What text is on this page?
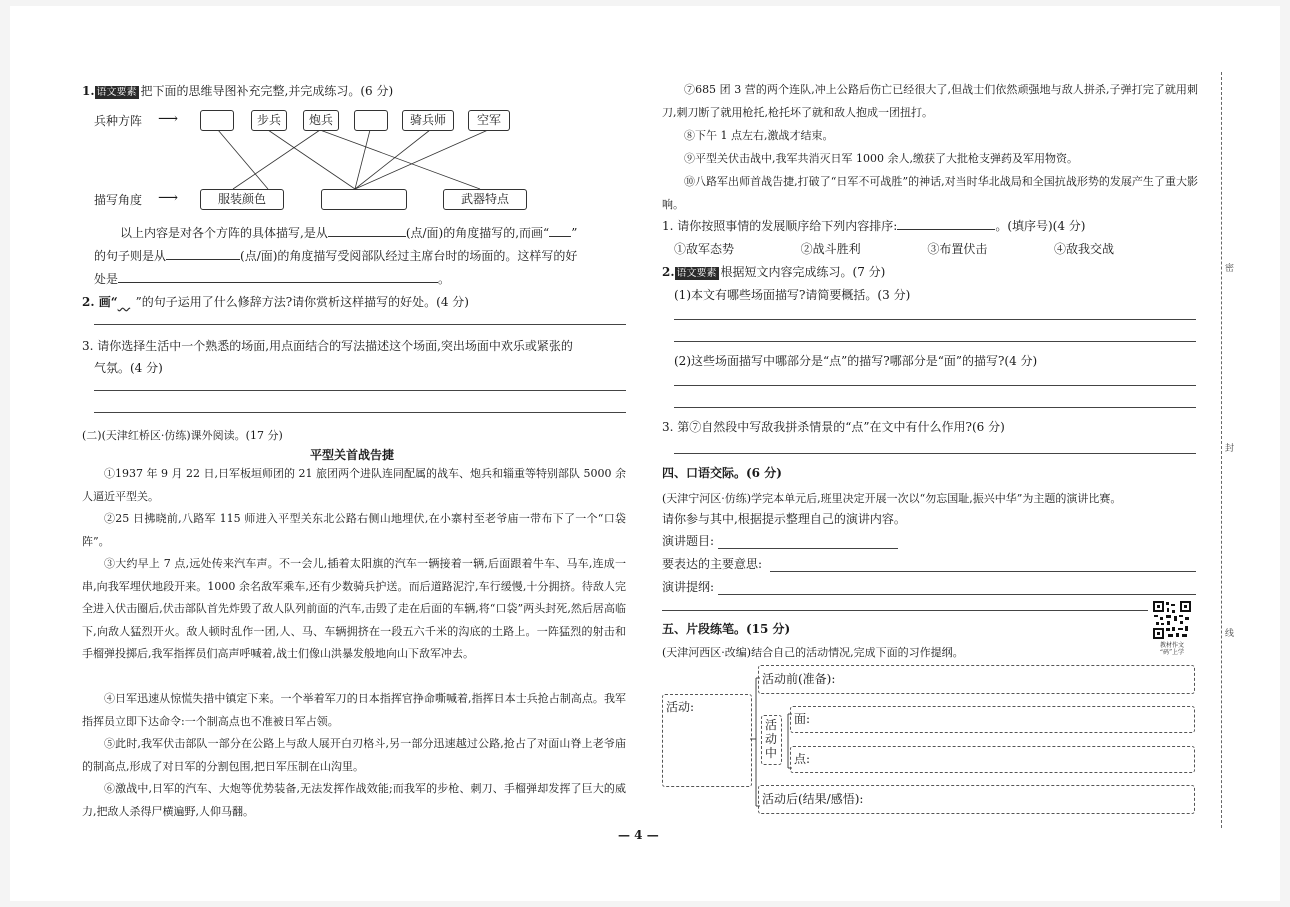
1. 语文要素 把下面的思维导图补充完整,并完成练习。(6 分)
兵种方阵 ⟶
描写角度 ⟶
步兵	炮兵	骑兵师	空军
服装颜色	武器特点
以上内容是对各个方阵的具体描写,是从	(点/面)的角度描写的,而画“ ”
的句子则是从	(点/面)的角度描写受阅部队经过主席台时的场面的。这样写的好
处是	。
2. 画“ ”的句子运用了什么修辞方法?请你赏析这样描写的好处。(4 分)
3. 请你选择生活中一个熟悉的场面,用点面结合的写法描述这个场面,突出场面中欢乐或紧张的
气氛。(4 分)
(二)(天津红桥区·仿练)课外阅读。(17 分)
平型关首战告捷
①1937 年 9 月 22 日,日军板垣师团的 21 旅团两个进队连同配属的战车、炮兵和辎重等特别部队 5000 余人逼近平型关。
②25 日拂晓前,八路军 115 师进入平型关东北公路右侧山地埋伏,在小寨村至老爷庙一带布下了一个“口袋阵”。
③大约早上 7 点,远处传来汽车声。不一会儿,插着太阳旗的汽车一辆接着一辆,后面跟着牛车、马车,连成一串,向我军埋伏地段开来。1000 余名敌军乘车,还有少数骑兵护送。而后道路泥泞,车行缓慢,十分拥挤。待敌人完全进入伏击圈后,伏击部队首先炸毁了敌人队列前面的汽车,击毁了走在后面的车辆,将“口袋”两头封死,然后居高临下,向敌人猛烈开火。敌人顿时乱作一团,人、马、车辆拥挤在一段五六千米的沟底的土路上。一阵猛烈的射击和手榴弹投掷后,我军指挥员们高声呼喊着,战士们像山洪暴发般地向山下敌军冲去。
④日军迅速从惊慌失措中镇定下来。一个举着军刀的日本指挥官挣命嘶喊着,指挥日本士兵抢占制高点。我军指挥员立即下达命令:一个制高点也不准被日军占领。
⑤此时,我军伏击部队一部分在公路上与敌人展开白刃格斗,另一部分迅速越过公路,抢占了对面山脊上老爷庙的制高点,形成了对日军的分割包围,把日军压制在山沟里。
⑥激战中,日军的汽车、大炮等优势装备,无法发挥作战效能;而我军的步枪、刺刀、手榴弹却发挥了巨大的威力,把敌人杀得尸横遍野,人仰马翻。
⑦685 团 3 营的两个连队,冲上公路后伤亡已经很大了,但战士们依然顽强地与敌人拼杀,子弹打完了就用刺刀,刺刀断了就用枪托,枪托坏了就和敌人抱成一团扭打。
⑧下午 1 点左右,激战才结束。
⑨平型关伏击战中,我军共消灭日军 1000 余人,缴获了大批枪支弹药及军用物资。
⑩八路军出师首战告捷,打破了“日军不可战胜”的神话,对当时华北战局和全国抗战形势的发展产生了重大影响。
1. 请你按照事情的发展顺序给下列内容排序:	。(填序号)(4 分)
①敌军态势	②战斗胜利	③布置伏击	④敌我交战
2. 语文要素 根据短文内容完成练习。(7 分)
(1)本文有哪些场面描写?请简要概括。(3 分)
(2)这些场面描写中哪部分是“点”的描写?哪部分是“面”的描写?(4 分)
3. 第⑦自然段中写敌我拼杀情景的“点”在文中有什么作用?(6 分)
四、口语交际。(6 分)
(天津宁河区·仿练)学完本单元后,班里决定开展一次以“勿忘国耻,振兴中华”为主题的演讲比赛。
请你参与其中,根据提示整理自己的演讲内容。
演讲题目:
要表达的主要意思:
演讲提纲:
教材作文
“码”上学
五、片段练笔。(15 分)
(天津河西区·改编)结合自己的活动情况,完成下面的习作提纲。
活动:
活动前(准备):
活动中
面:
点:
活动后(结果/感悟):
— 4 —
密
封
线
